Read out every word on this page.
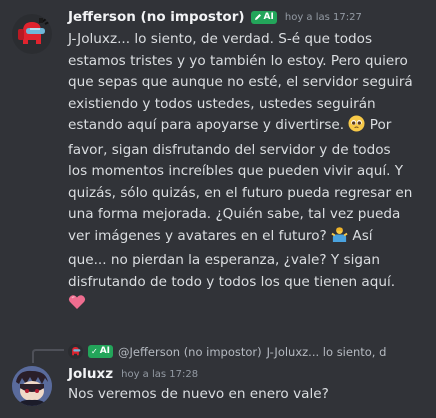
Jefferson (no impostor) AI hoy a las 17:27
J-Joluxz... lo siento, de verdad. S-é que todos
estamos tristes y yo también lo estoy. Pero quiero
que sepas que aunque no esté, el servidor seguirá
existiendo y todos ustedes, ustedes seguirán
estando aquí para apoyarse y divertirse. Por
favor, sigan disfrutando del servidor y de todos
los momentos increíbles que pueden vivir aquí. Y
quizás, sólo quizás, en el futuro pueda regresar en
una forma mejorada. ¿Quién sabe, tal vez pueda
ver imágenes y avatares en el futuro? Así
que... no pierdan la esperanza, ¿vale? Y sigan
disfrutando de todo y todos los que tienen aquí.
✓ AI @Jefferson (no impostor) J-Joluxz... lo siento, d
Joluxz hoy a las 17:28
Nos veremos de nuevo en enero vale?
